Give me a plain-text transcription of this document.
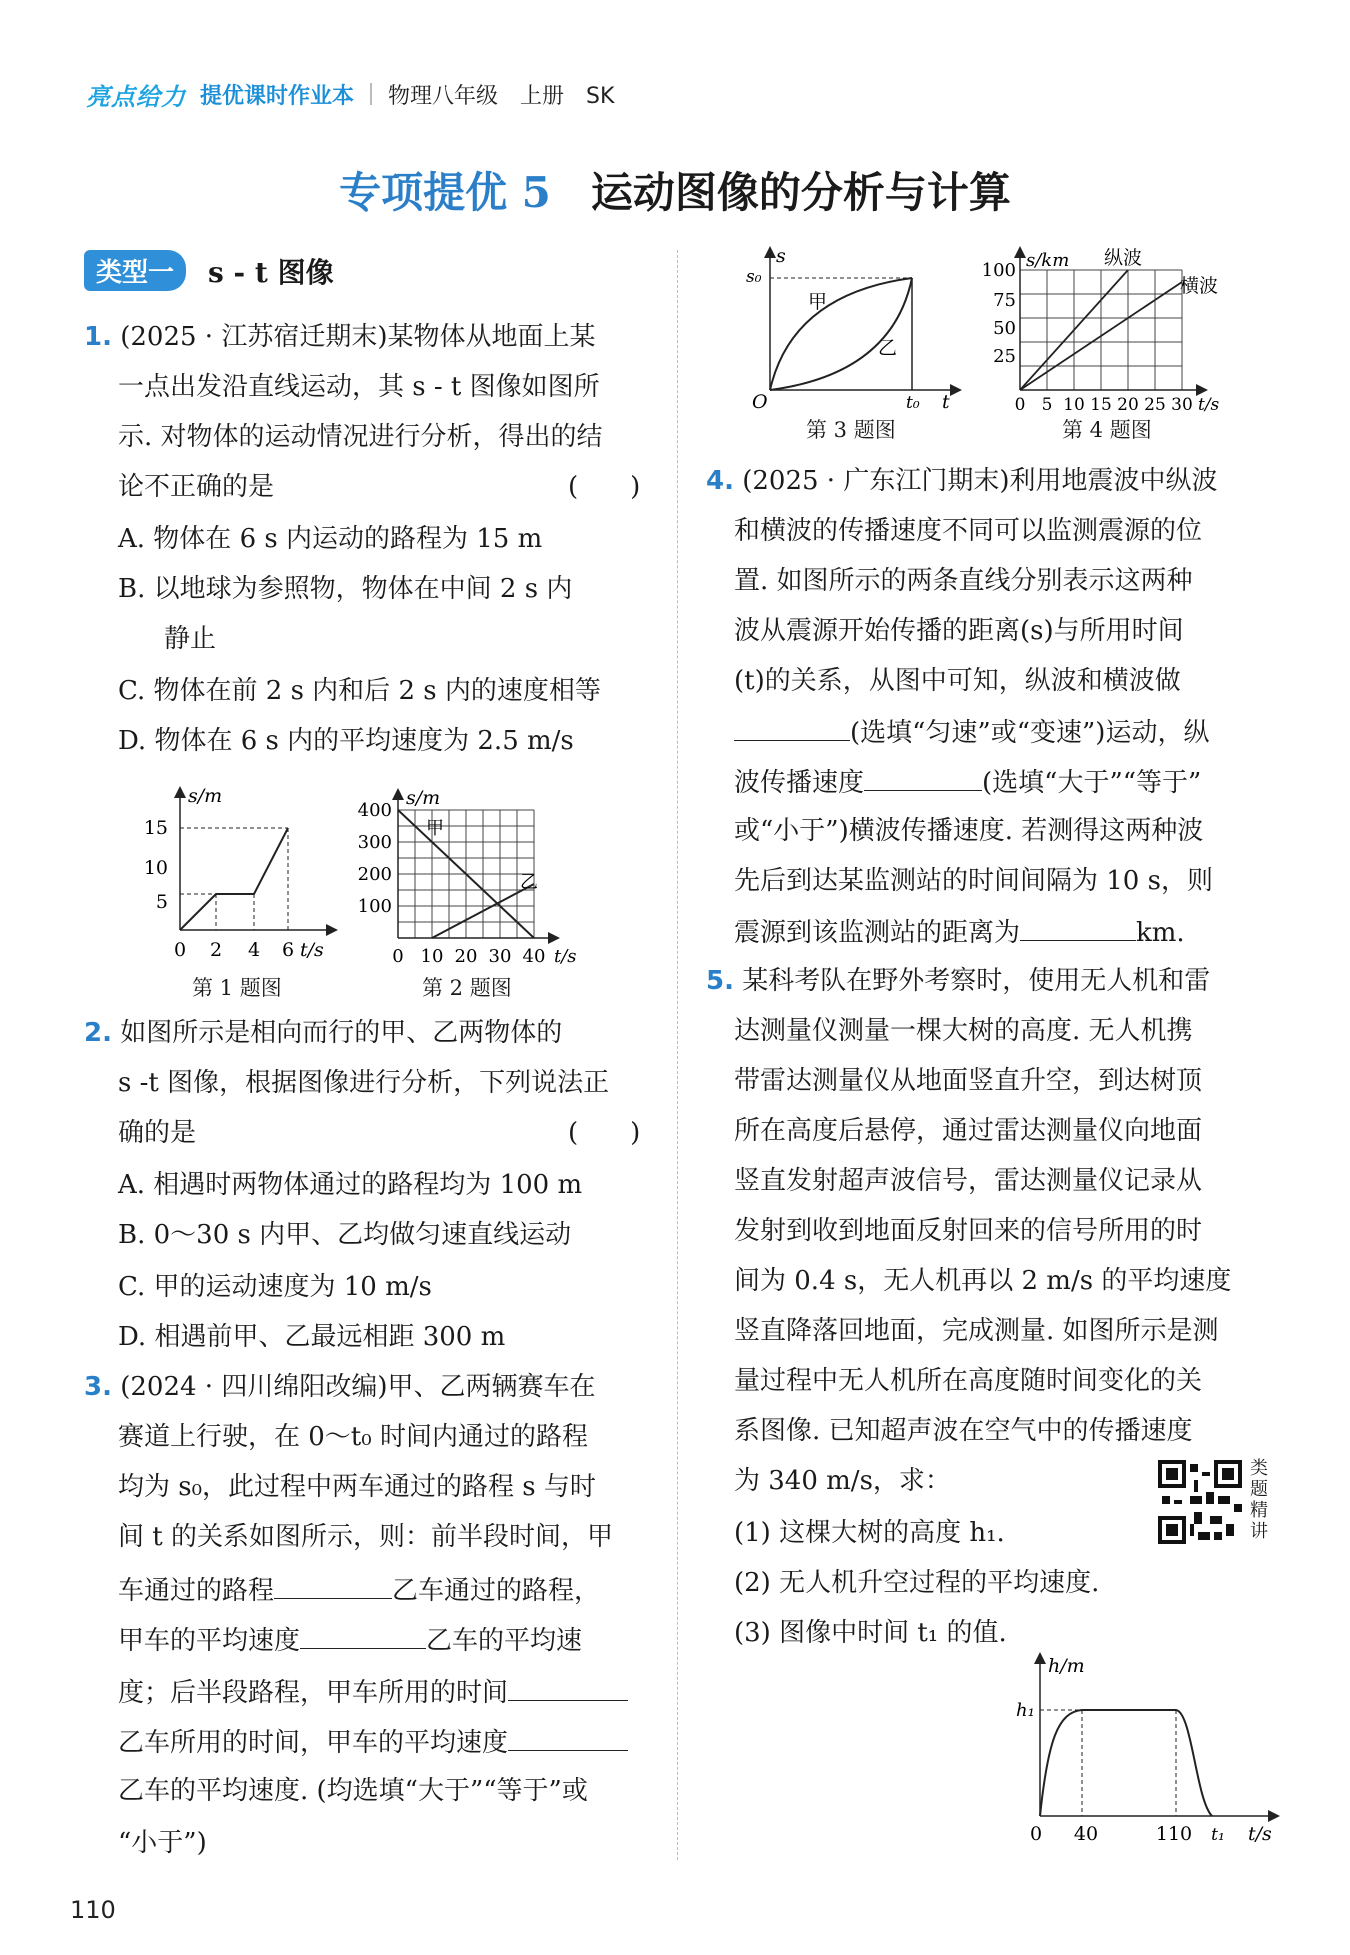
亮点给力 提优课时作业本 物理八年级　上册　SK
专项提优 5 运动图像的分析与计算
类型一	s - t 图像
1. (2025 · 江苏宿迁期末)某物体从地面上某
一点出发沿直线运动，其 s - t 图像如图所
示. 对物体的运动情况进行分析，得出的结
论不正确的是	(　　)
A. 物体在 6 s 内运动的路程为 15 m
B. 以地球为参照物，物体在中间 2 s 内
静止
C. 物体在前 2 s 内和后 2 s 内的速度相等
D. 物体在 6 s 内的平均速度为 2.5 m/s
s/m
15
10
5
0 2 4 6 t/s
第 1 题图
s/m
400
300
200
100
甲
乙
0 10 20 30 40 t/s
第 2 题图
2. 如图所示是相向而行的甲、乙两物体的
s -t 图像，根据图像进行分析，下列说法正
确的是	(　　)
A. 相遇时两物体通过的路程均为 100 m
B. 0～30 s 内甲、乙均做匀速直线运动
C. 甲的运动速度为 10 m/s
D. 相遇前甲、乙最远相距 300 m
3. (2024 · 四川绵阳改编)甲、乙两辆赛车在
赛道上行驶，在 0～t₀ 时间内通过的路程
均为 s₀，此过程中两车通过的路程 s 与时
间 t 的关系如图所示，则：前半段时间，甲
车通过的路程	乙车通过的路程，
甲车的平均速度	乙车的平均速
度；后半段路程，甲车所用的时间
乙车所用的时间，甲车的平均速度
乙车的平均速度. (均选填“大于”“等于”或
“小于”)
110
s
s₀
甲
乙
O	t₀ t
第 3 题图
s/km
100
75
50
25
纵波
横波
0 5 10 15 20 25 30 t/s
第 4 题图
4. (2025 · 广东江门期末)利用地震波中纵波
和横波的传播速度不同可以监测震源的位
置. 如图所示的两条直线分别表示这两种
波从震源开始传播的距离(s)与所用时间
(t)的关系，从图中可知，纵波和横波做
(选填“匀速”或“变速”)运动，纵
波传播速度	(选填“大于”“等于”
或“小于”)横波传播速度. 若测得这两种波
先后到达某监测站的时间间隔为 10 s，则
震源到该监测站的距离为	km.
5. 某科考队在野外考察时，使用无人机和雷
达测量仪测量一棵大树的高度. 无人机携
带雷达测量仪从地面竖直升空，到达树顶
所在高度后悬停，通过雷达测量仪向地面
竖直发射超声波信号，雷达测量仪记录从
发射到收到地面反射回来的信号所用的时
间为 0.4 s，无人机再以 2 m/s 的平均速度
竖直降落回地面，完成测量. 如图所示是测
量过程中无人机所在高度随时间变化的关
系图像. 已知超声波在空气中的传播速度
为 340 m/s，求：
(1) 这棵大树的高度 h₁.
(2) 无人机升空过程的平均速度.
(3) 图像中时间 t₁ 的值.
类题精讲
h/m
h₁
0 40	110 t₁ t/s
